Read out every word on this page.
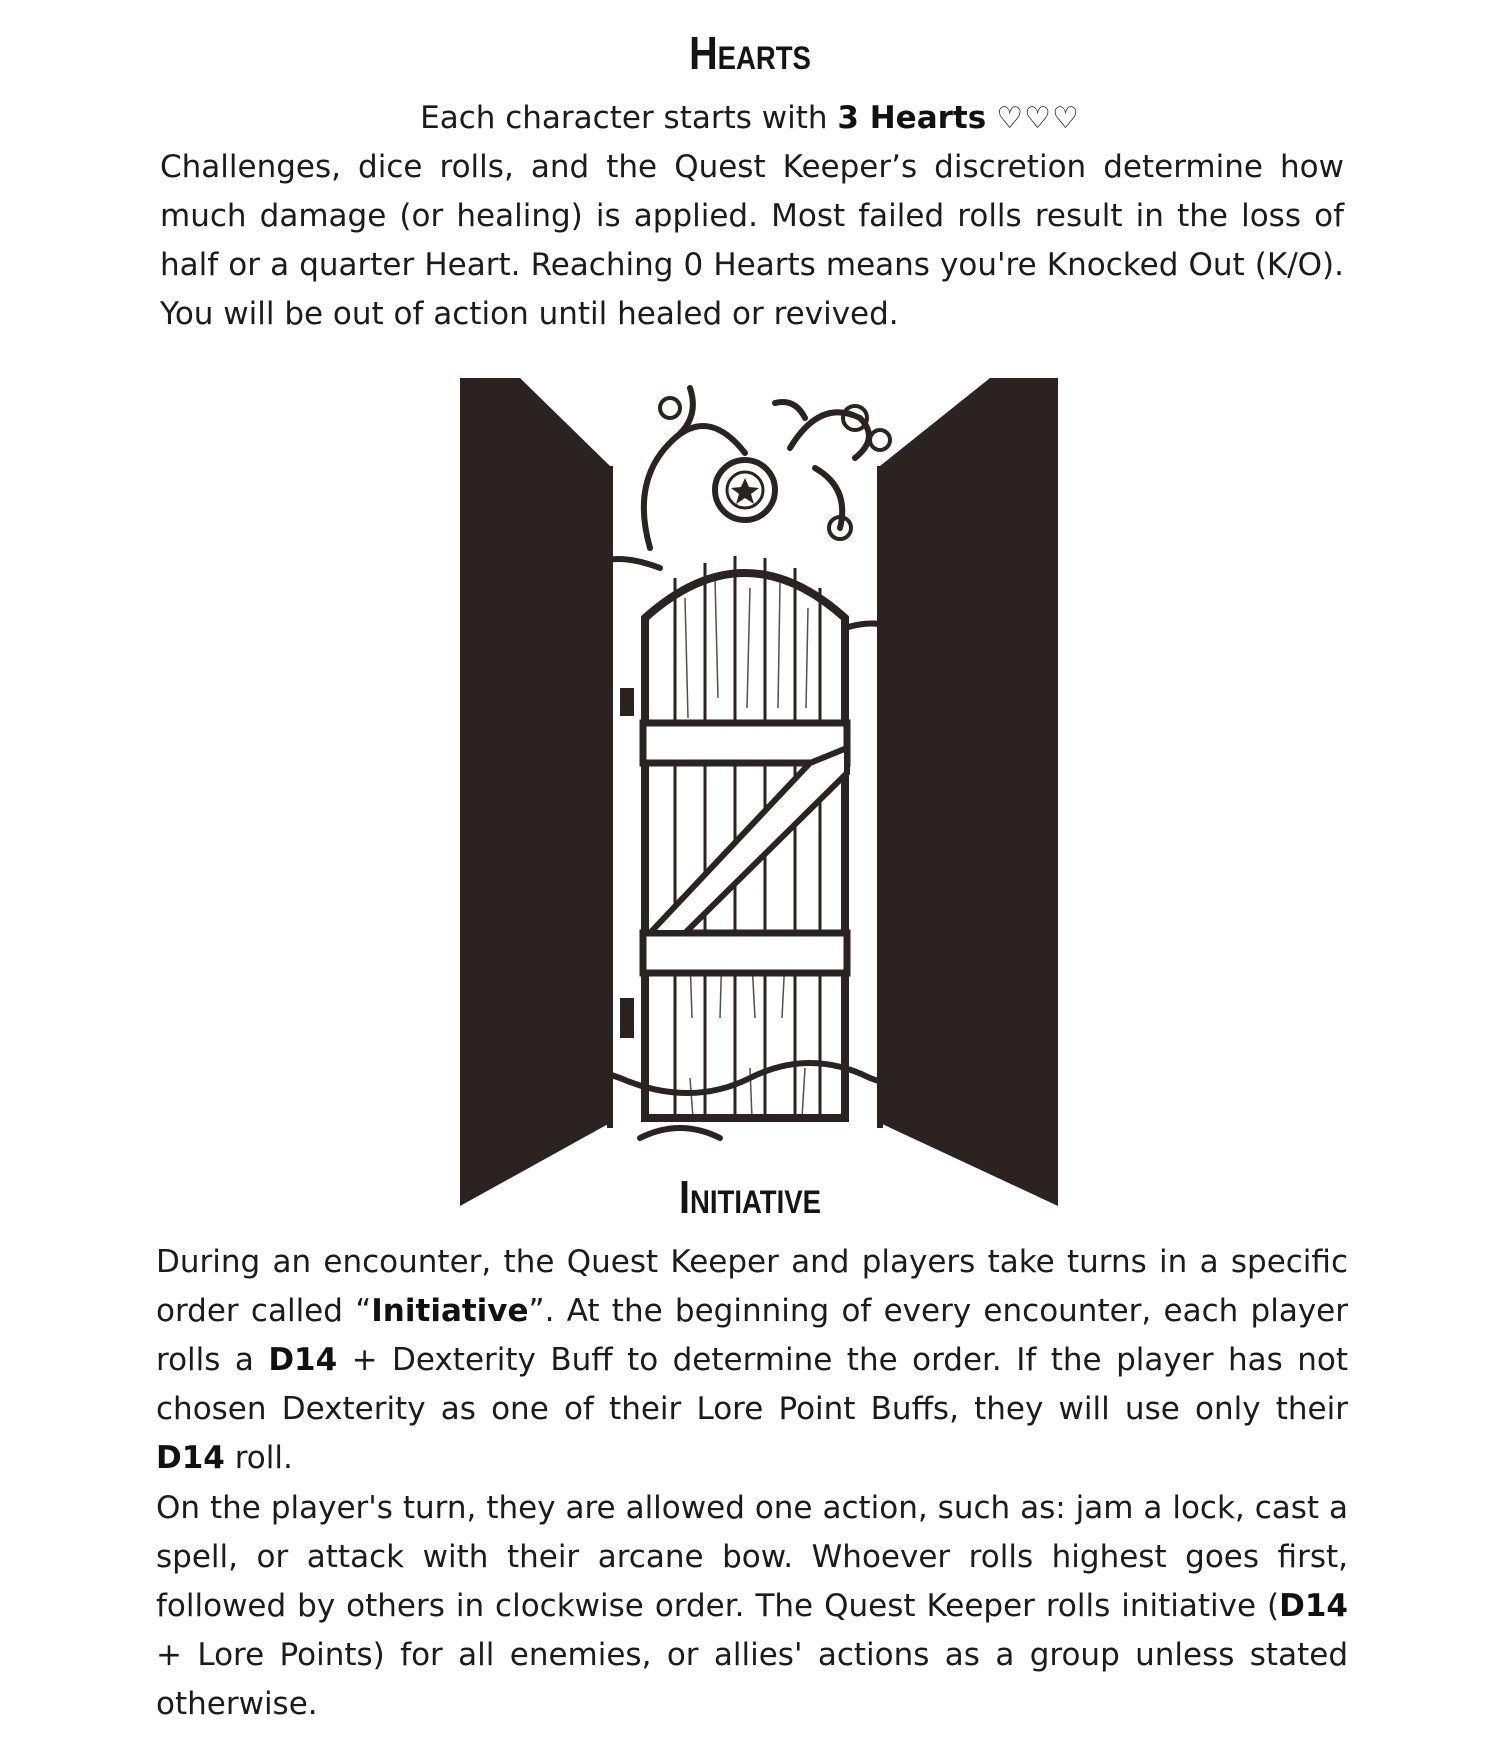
Hearts
Each character starts with 3 Hearts ♡♡♡
Challenges, dice rolls, and the Quest Keeper’s discretion determine how much damage (or healing) is applied. Most failed rolls result in the loss of half or a quarter Heart. Reaching 0 Hearts means you're Knocked Out (K/O). You will be out of action until healed or revived.
Initiative
During an encounter, the Quest Keeper and players take turns in a specific order called “Initiative”. At the beginning of every encounter, each player rolls a D14 + Dexterity Buff to determine the order. If the player has not chosen Dexterity as one of their Lore Point Buffs, they will use only their D14 roll.
On the player's turn, they are allowed one action, such as: jam a lock, cast a spell, or attack with their arcane bow. Whoever rolls highest goes first, followed by others in clockwise order. The Quest Keeper rolls initiative (D14 + Lore Points) for all enemies, or allies' actions as a group unless stated otherwise.
